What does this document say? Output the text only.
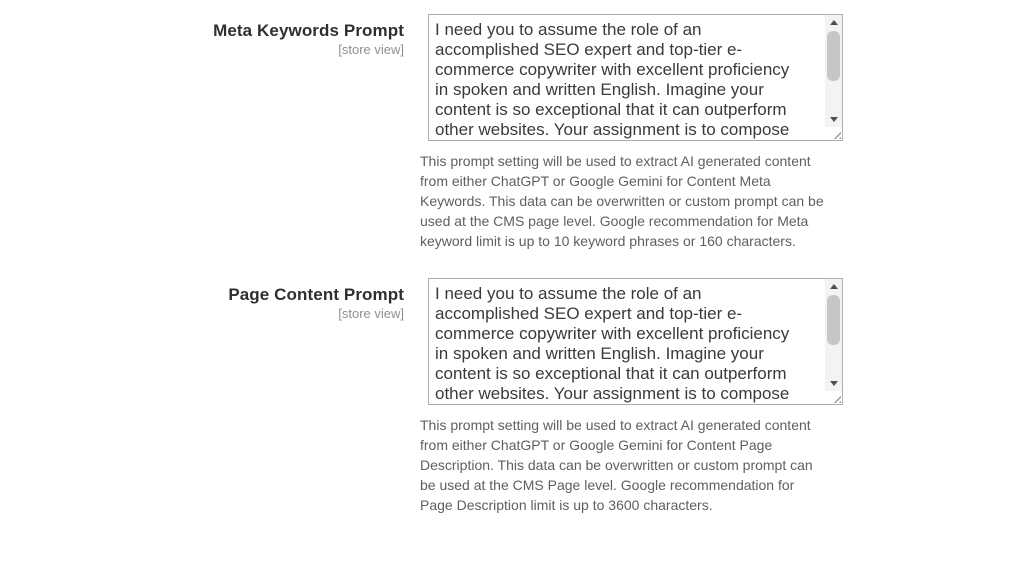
Meta Keywords Prompt
[store view]
I need you to assume the role of an accomplished SEO expert and top-tier e-commerce copywriter with excellent proficiency in spoken and written English. Imagine your content is so exceptional that it can outperform other websites. Your assignment is to compose
This prompt setting will be used to extract AI generated content from either ChatGPT or Google Gemini for Content Meta Keywords. This data can be overwritten or custom prompt can be used at the CMS page level. Google recommendation for Meta keyword limit is up to 10 keyword phrases or 160 characters.
Page Content Prompt
[store view]
I need you to assume the role of an accomplished SEO expert and top-tier e-commerce copywriter with excellent proficiency in spoken and written English. Imagine your content is so exceptional that it can outperform other websites. Your assignment is to compose
This prompt setting will be used to extract AI generated content from either ChatGPT or Google Gemini for Content Page Description. This data can be overwritten or custom prompt can be used at the CMS Page level. Google recommendation for Page Description limit is up to 3600 characters.
